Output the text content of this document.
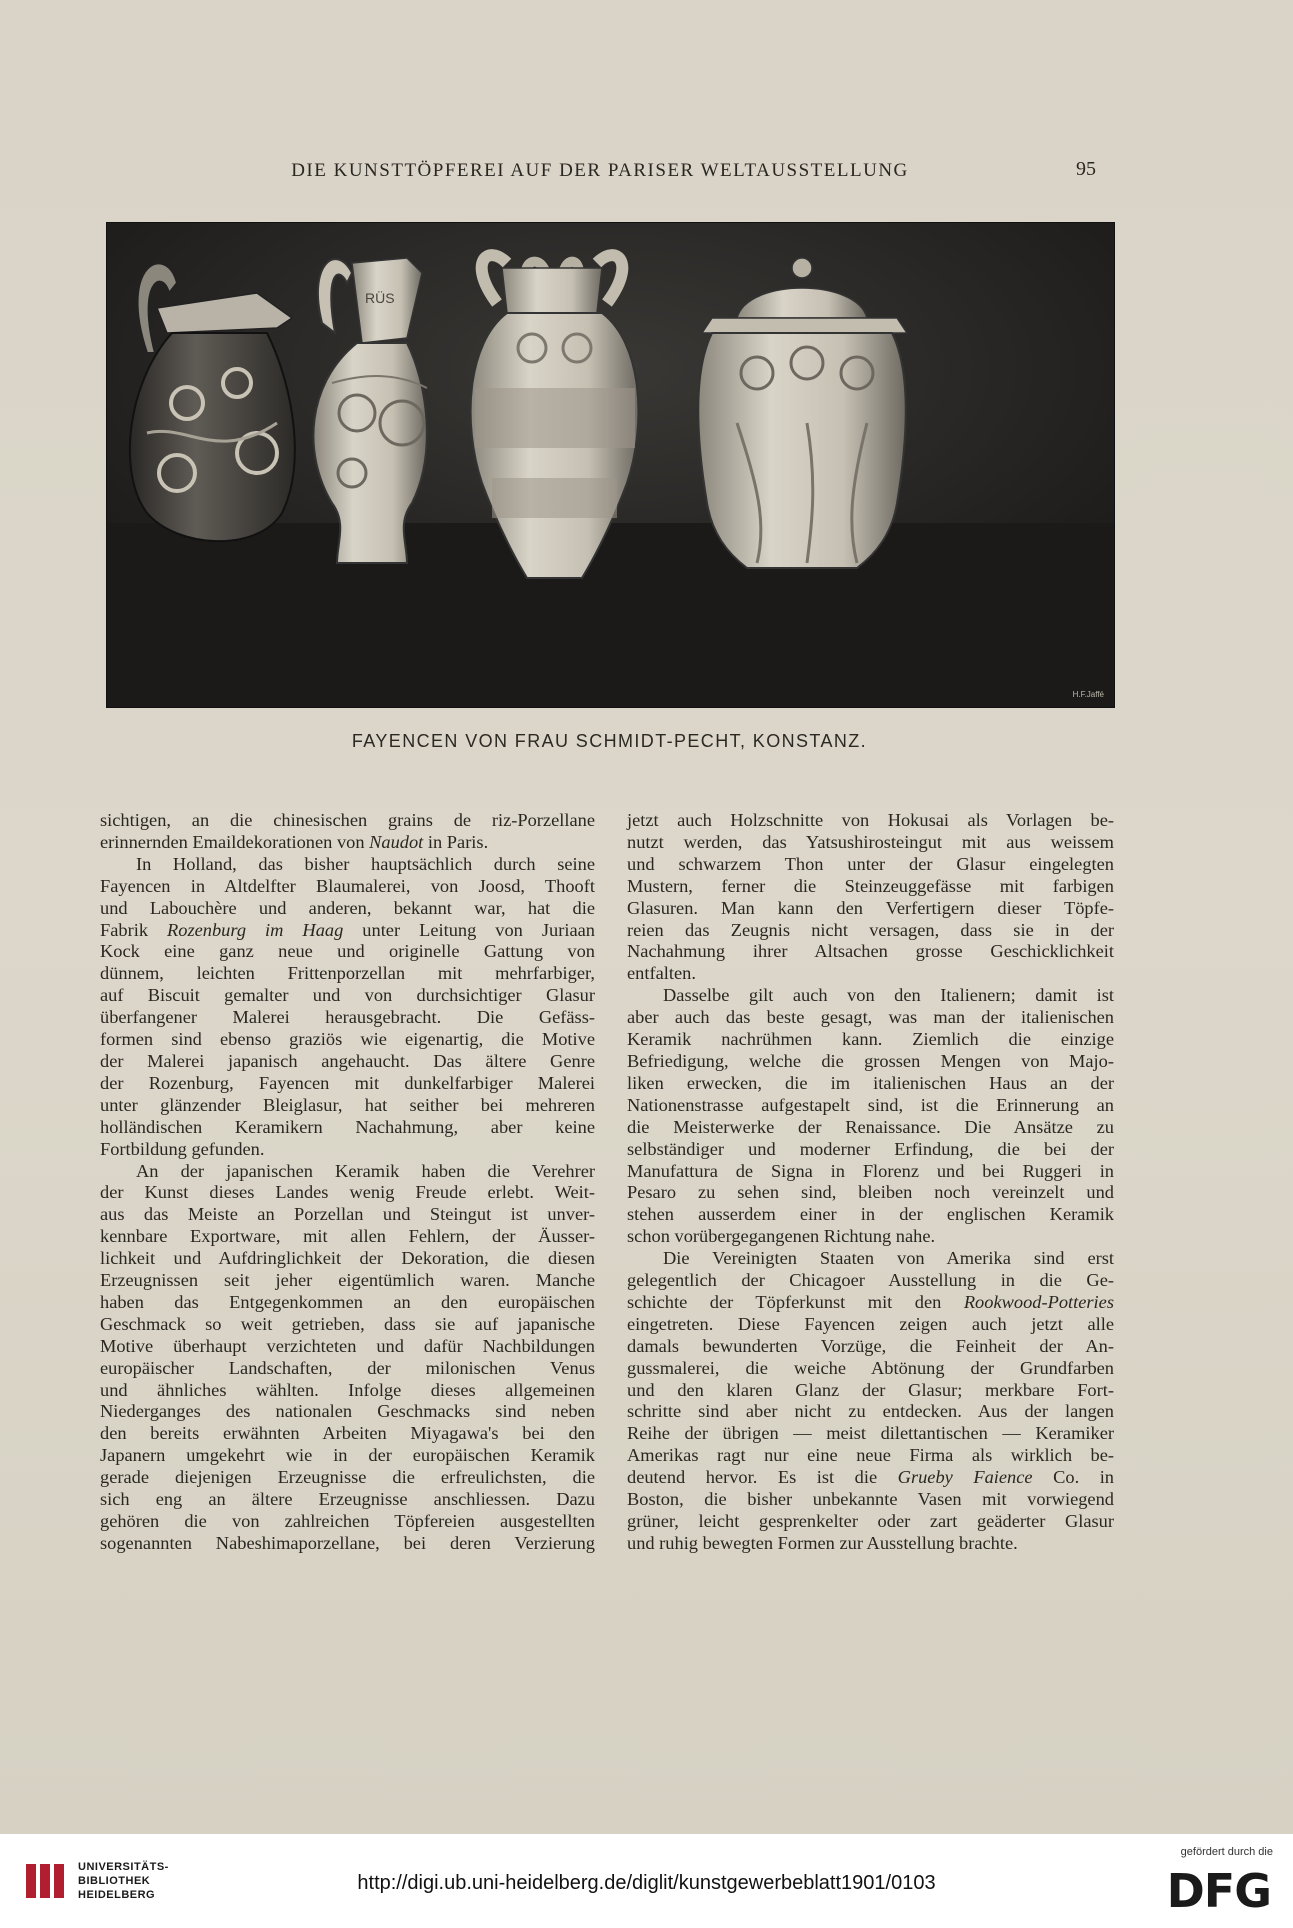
DIE KUNSTTÖPFEREI AUF DER PARISER WELTAUSSTELLUNG	95
RÜS
H.F.Jaffé
FAYENCEN VON FRAU SCHMIDT-PECHT, KONSTANZ.
sichtigen, an die chinesischen grains de riz-Porzellane
erinnernden Emaildekorationen von Naudot in Paris.
In Holland, das bisher hauptsächlich durch seine
Fayencen in Altdelfter Blaumalerei, von Joosd, Thooft
und Labouchère und anderen, bekannt war, hat die
Fabrik Rozenburg im Haag unter Leitung von Juriaan
Kock eine ganz neue und originelle Gattung von
dünnem, leichten Frittenporzellan mit mehrfarbiger,
auf Biscuit gemalter und von durchsichtiger Glasur
überfangener Malerei herausgebracht. Die Gefäss-
formen sind ebenso graziös wie eigenartig, die Motive
der Malerei japanisch angehaucht. Das ältere Genre
der Rozenburg, Fayencen mit dunkelfarbiger Malerei
unter glänzender Bleiglasur, hat seither bei mehreren
holländischen Keramikern Nachahmung, aber keine
Fortbildung gefunden.
An der japanischen Keramik haben die Verehrer
der Kunst dieses Landes wenig Freude erlebt. Weit-
aus das Meiste an Porzellan und Steingut ist unver-
kennbare Exportware, mit allen Fehlern, der Äusser-
lichkeit und Aufdringlichkeit der Dekoration, die diesen
Erzeugnissen seit jeher eigentümlich waren. Manche
haben das Entgegenkommen an den europäischen
Geschmack so weit getrieben, dass sie auf japanische
Motive überhaupt verzichteten und dafür Nachbildungen
europäischer Landschaften, der milonischen Venus
und ähnliches wählten. Infolge dieses allgemeinen
Niederganges des nationalen Geschmacks sind neben
den bereits erwähnten Arbeiten Miyagawa's bei den
Japanern umgekehrt wie in der europäischen Keramik
gerade diejenigen Erzeugnisse die erfreulichsten, die
sich eng an ältere Erzeugnisse anschliessen. Dazu
gehören die von zahlreichen Töpfereien ausgestellten
sogenannten Nabeshimaporzellane, bei deren Verzierung
jetzt auch Holzschnitte von Hokusai als Vorlagen be-
nutzt werden, das Yatsushirosteingut mit aus weissem
und schwarzem Thon unter der Glasur eingelegten
Mustern, ferner die Steinzeuggefässe mit farbigen
Glasuren. Man kann den Verfertigern dieser Töpfe-
reien das Zeugnis nicht versagen, dass sie in der
Nachahmung ihrer Altsachen grosse Geschicklichkeit
entfalten.
Dasselbe gilt auch von den Italienern; damit ist
aber auch das beste gesagt, was man der italienischen
Keramik nachrühmen kann. Ziemlich die einzige
Befriedigung, welche die grossen Mengen von Majo-
liken erwecken, die im italienischen Haus an der
Nationenstrasse aufgestapelt sind, ist die Erinnerung an
die Meisterwerke der Renaissance. Die Ansätze zu
selbständiger und moderner Erfindung, die bei der
Manufattura de Signa in Florenz und bei Ruggeri in
Pesaro zu sehen sind, bleiben noch vereinzelt und
stehen ausserdem einer in der englischen Keramik
schon vorübergegangenen Richtung nahe.
Die Vereinigten Staaten von Amerika sind erst
gelegentlich der Chicagoer Ausstellung in die Ge-
schichte der Töpferkunst mit den Rookwood-Potteries
eingetreten. Diese Fayencen zeigen auch jetzt alle
damals bewunderten Vorzüge, die Feinheit der An-
gussmalerei, die weiche Abtönung der Grundfarben
und den klaren Glanz der Glasur; merkbare Fort-
schritte sind aber nicht zu entdecken. Aus der langen
Reihe der übrigen — meist dilettantischen — Keramiker
Amerikas ragt nur eine neue Firma als wirklich be-
deutend hervor. Es ist die Grueby Faience Co. in
Boston, die bisher unbekannte Vasen mit vorwiegend
grüner, leicht gesprenkelter oder zart geäderter Glasur
und ruhig bewegten Formen zur Ausstellung brachte.
UNIVERSITÄTS-
BIBLIOTHEK
HEIDELBERG
http://digi.ub.uni-heidelberg.de/diglit/kunstgewerbeblatt1901/0103
gefördert durch die
DFG
